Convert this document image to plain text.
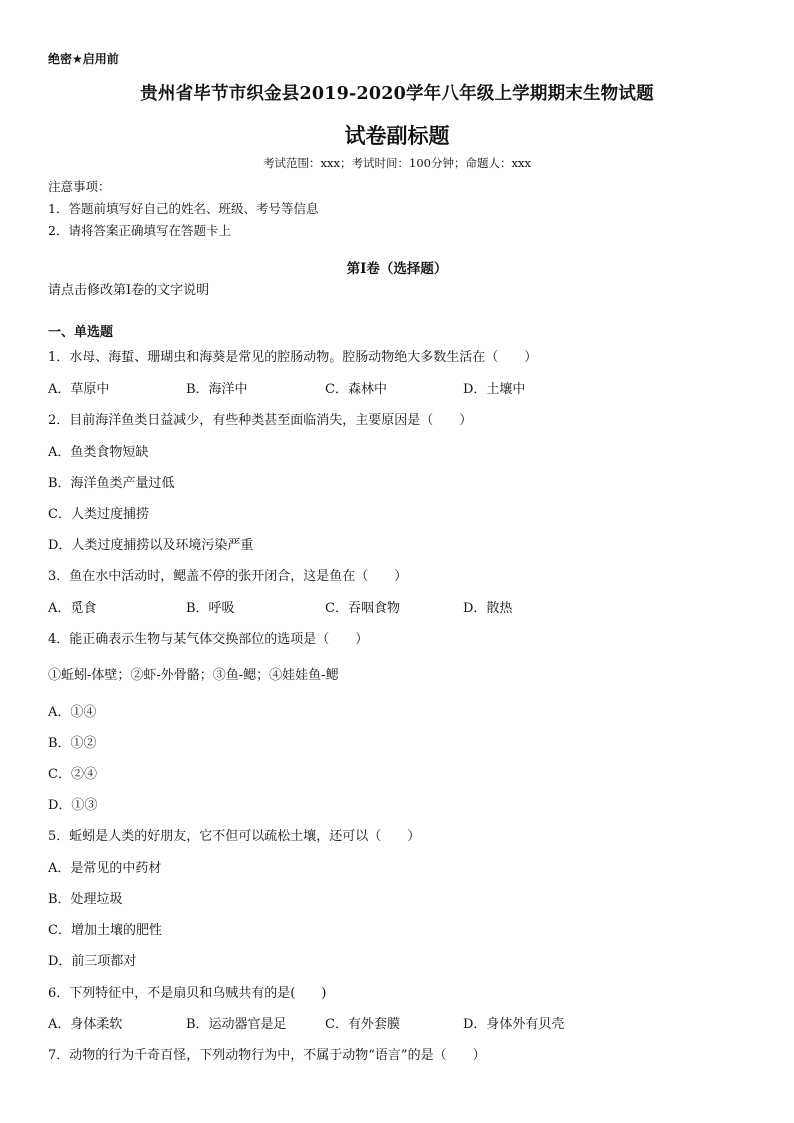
绝密★启用前
贵州省毕节市织金县2019-2020学年八年级上学期期末生物试题
试卷副标题
考试范围：xxx；考试时间：100分钟；命题人：xxx
注意事项：
1．答题前填写好自己的姓名、班级、考号等信息
2．请将答案正确填写在答题卡上
第I卷（选择题）
请点击修改第I卷的文字说明
一、单选题
1．水母、海蜇、珊瑚虫和海葵是常见的腔肠动物。腔肠动物绝大多数生活在（　　）
A．草原中	B．海洋中	C．森林中	D．土壤中
2．目前海洋鱼类日益减少，有些种类甚至面临消失，主要原因是（　　）
A．鱼类食物短缺
B．海洋鱼类产量过低
C．人类过度捕捞
D．人类过度捕捞以及环境污染严重
3．鱼在水中活动时，鳃盖不停的张开闭合，这是鱼在（　　）
A．觅食	B．呼吸	C．吞咽食物	D．散热
4．能正确表示生物与某气体交换部位的选项是（　　）
①蚯蚓-体壁；②虾-外骨骼；③鱼-鳃；④娃娃鱼-鳃
A．①④
B．①②
C．②④
D．①③
5．蚯蚓是人类的好朋友，它不但可以疏松土壤，还可以（　　）
A．是常见的中药材
B．处理垃圾
C．增加土壤的肥性
D．前三项都对
6．下列特征中，不是扇贝和乌贼共有的是(　　)
A．身体柔软	B．运动器官是足	C．有外套膜	D．身体外有贝壳
7．动物的行为千奇百怪，下列动物行为中，不属于动物“语言”的是（　　）
